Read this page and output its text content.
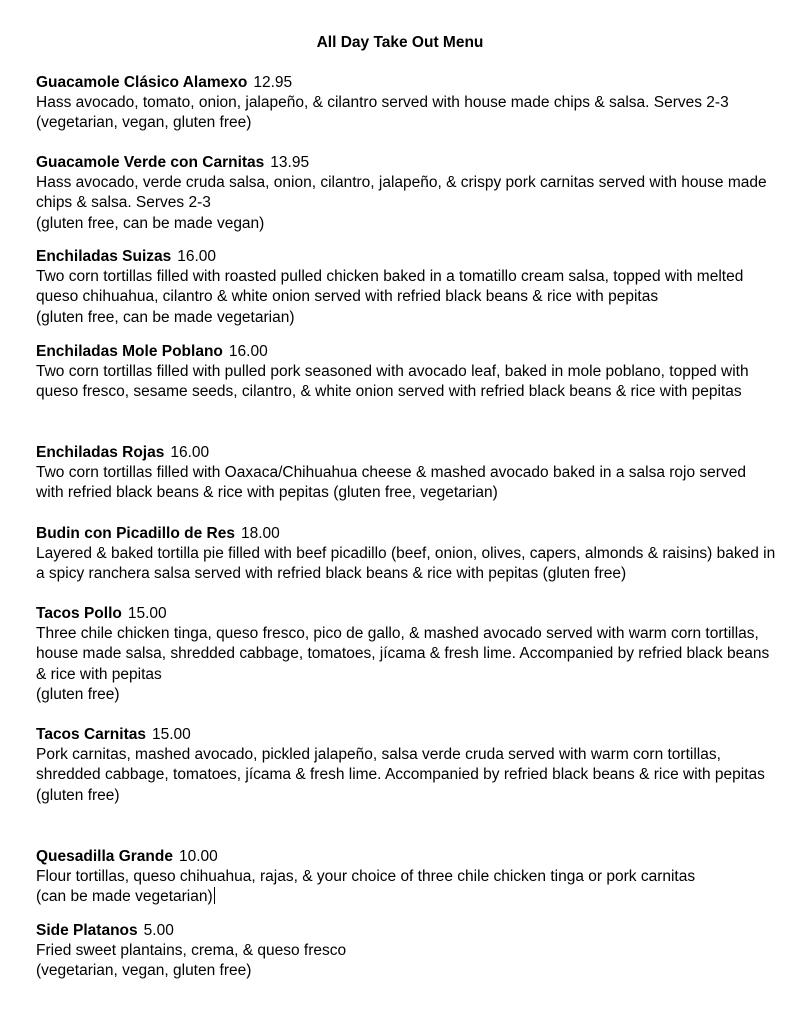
All Day Take Out Menu
Guacamole Clásico Alamexo 12.95
Hass avocado, tomato, onion, jalapeño, & cilantro served with house made chips & salsa. Serves 2-3
(vegetarian, vegan, gluten free)
Guacamole Verde con Carnitas 13.95
Hass avocado, verde cruda salsa, onion, cilantro, jalapeño, & crispy pork carnitas served with house made chips & salsa. Serves 2-3
(gluten free, can be made vegan)
Enchiladas Suizas 16.00
Two corn tortillas filled with roasted pulled chicken baked in a tomatillo cream salsa, topped with melted queso chihuahua, cilantro & white onion served with refried black beans & rice with pepitas
(gluten free, can be made vegetarian)
Enchiladas Mole Poblano 16.00
Two corn tortillas filled with pulled pork seasoned with avocado leaf, baked in mole poblano, topped with queso fresco, sesame seeds, cilantro, & white onion served with refried black beans & rice with pepitas
Enchiladas Rojas 16.00
Two corn tortillas filled with Oaxaca/Chihuahua cheese & mashed avocado baked in a salsa rojo served with refried black beans & rice with pepitas (gluten free, vegetarian)
Budin con Picadillo de Res 18.00
Layered & baked tortilla pie filled with beef picadillo (beef, onion, olives, capers, almonds & raisins) baked in a spicy ranchera salsa served with refried black beans & rice with pepitas (gluten free)
Tacos Pollo 15.00
Three chile chicken tinga, queso fresco, pico de gallo, & mashed avocado served with warm corn tortillas, house made salsa, shredded cabbage, tomatoes, jícama & fresh lime. Accompanied by refried black beans & rice with pepitas
(gluten free)
Tacos Carnitas 15.00
Pork carnitas, mashed avocado, pickled jalapeño, salsa verde cruda served with warm corn tortillas, shredded cabbage, tomatoes, jícama & fresh lime. Accompanied by refried black beans & rice with pepitas
(gluten free)
Quesadilla Grande 10.00
Flour tortillas, queso chihuahua, rajas, & your choice of three chile chicken tinga or pork carnitas
(can be made vegetarian)
Side Platanos 5.00
Fried sweet plantains, crema, & queso fresco
(vegetarian, vegan, gluten free)
